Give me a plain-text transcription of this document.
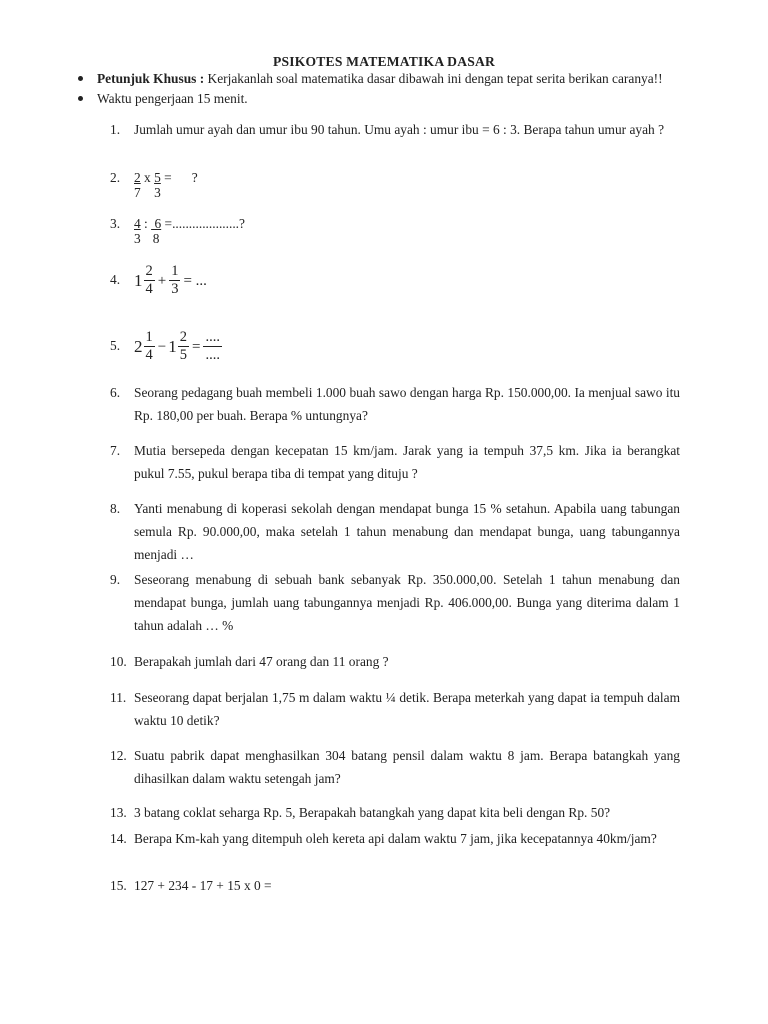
PSIKOTES MATEMATIKA DASAR
Petunjuk Khusus : Kerjakanlah soal matematika dasar dibawah ini dengan tepat serita berikan caranya!!
Waktu pengerjaan 15 menit.
1.	Jumlah umur ayah dan umur ibu 90 tahun. Umu ayah : umur ibu = 6 : 3. Berapa tahun umur ayah ?
2.	$\frac{2}{7}$ x $\frac{5}{3}$ =      ?
3.	$\frac{4}{3}$ : $\frac{6}{8}$ =....................?
4. $1 \frac{2}{4} + \frac{1}{3}$ = ...
5. $2 \frac{1}{4} - 1 \frac{2}{5}$ =
....
....
6.	Seorang pedagang buah membeli 1.000 buah sawo dengan harga Rp. 150.000,00. Ia menjual sawo itu Rp. 180,00 per buah. Berapa % untungnya?
7.	Mutia bersepeda dengan kecepatan 15 km/jam. Jarak yang ia tempuh 37,5 km. Jika ia berangkat pukul 7.55, pukul berapa tiba di tempat yang dituju ?
8.	Yanti menabung di koperasi sekolah dengan mendapat bunga 15 % setahun. Apabila uang tabungan semula Rp. 90.000,00, maka setelah 1 tahun menabung dan mendapat bunga, uang tabungannya menjadi …
9.	Seseorang menabung di sebuah bank sebanyak Rp. 350.000,00. Setelah 1 tahun menabung dan mendapat bunga, jumlah uang tabungannya menjadi Rp. 406.000,00. Bunga yang diterima dalam 1 tahun adalah … %
10. Berapakah jumlah dari 47 orang dan 11 orang ?
11. Seseorang dapat berjalan 1,75 m dalam waktu ¼ detik. Berapa meterkah yang dapat ia tempuh dalam waktu 10 detik?
12. Suatu pabrik dapat menghasilkan 304 batang pensil dalam waktu 8 jam. Berapa batangkah yang dihasilkan dalam waktu setengah jam?
13. 3 batang coklat seharga Rp. 5, Berapakah batangkah yang dapat kita beli dengan Rp. 50?
14. Berapa Km-kah yang ditempuh oleh kereta api dalam waktu 7 jam, jika kecepatannya 40km/jam?
15. 127 + 234 - 17 + 15 x 0 =
